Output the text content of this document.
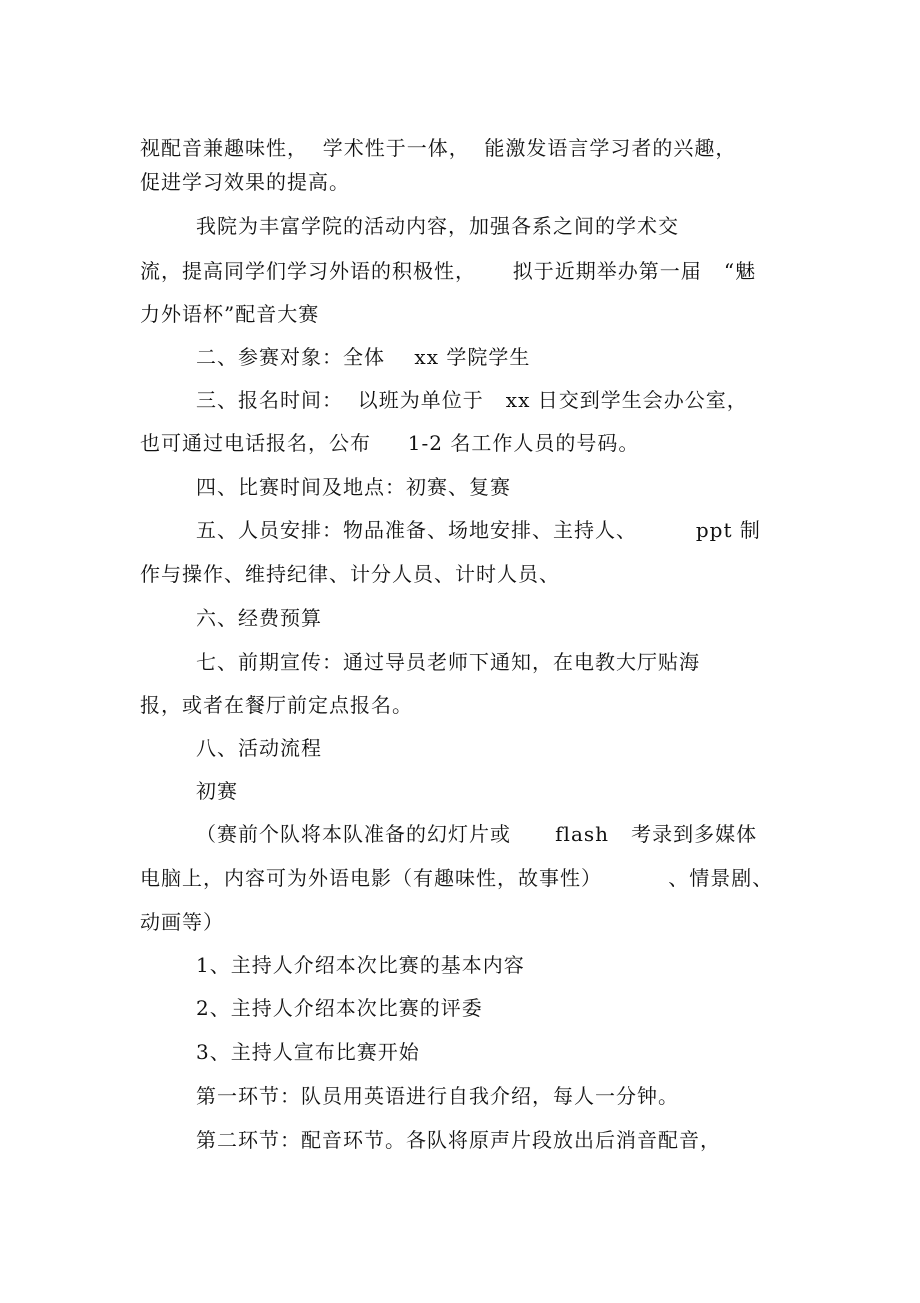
视配音兼趣味性，  学术性于一体，  能激发语言学习者的兴趣，

促进学习效果的提高。

我院为丰富学院的活动内容，加强各系之间的学术交

流，提高同学们学习外语的积极性，     拟于近期举办第一届   “魅

力外语杯”配音大赛

二、参赛对象：全体    xx 学院学生

三、报名时间：  以班为单位于   xx 日交到学生会办公室，

也可通过电话报名，公布     1-2 名工作人员的号码。

四、比赛时间及地点：初赛、复赛

五、人员安排：物品准备、场地安排、主持人、        ppt 制

作与操作、维持纪律、计分人员、计时人员、

六、经费预算

七、前期宣传：通过导员老师下通知，在电教大厅贴海

报，或者在餐厅前定点报名。

八、活动流程

初赛

（赛前个队将本队准备的幻灯片或      flash   考录到多媒体

电脑上，内容可为外语电影（有趣味性，故事性）         、情景剧、

动画等）

1、主持人介绍本次比赛的基本内容

2、主持人介绍本次比赛的评委

3、主持人宣布比赛开始

第一环节：队员用英语进行自我介绍，每人一分钟。

第二环节：配音环节。各队将原声片段放出后消音配音，
